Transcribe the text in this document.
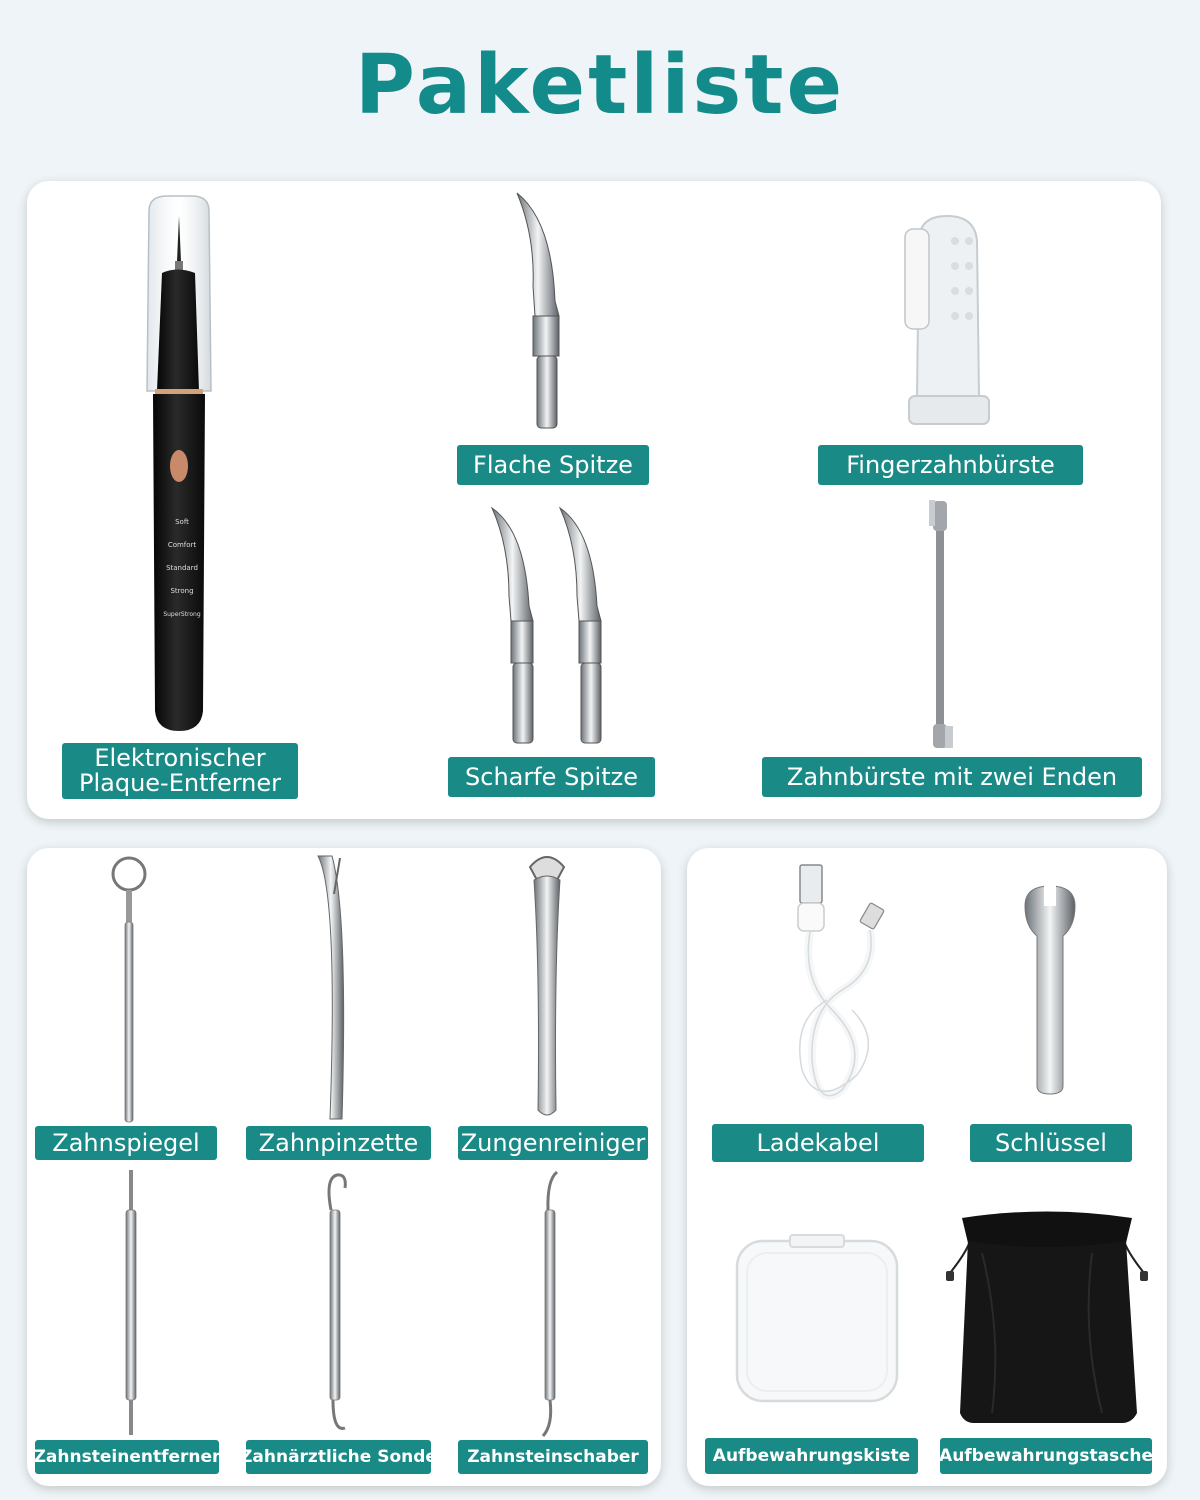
Paketliste
Soft
Comfort
Standard
Strong
SuperStrong
Elektronischer
Plaque-Entferner
Flache Spitze	Fingerzahnbürste
Scharfe Spitze	Zahnbürste mit zwei Enden
Zahnspiegel	Zahnpinzette	Zungenreiniger
Zahnsteinentferner Zahnärztliche Sonde	Zahnsteinschaber
Ladekabel	Schlüssel
Aufbewahrungskiste	Aufbewahrungstasche
